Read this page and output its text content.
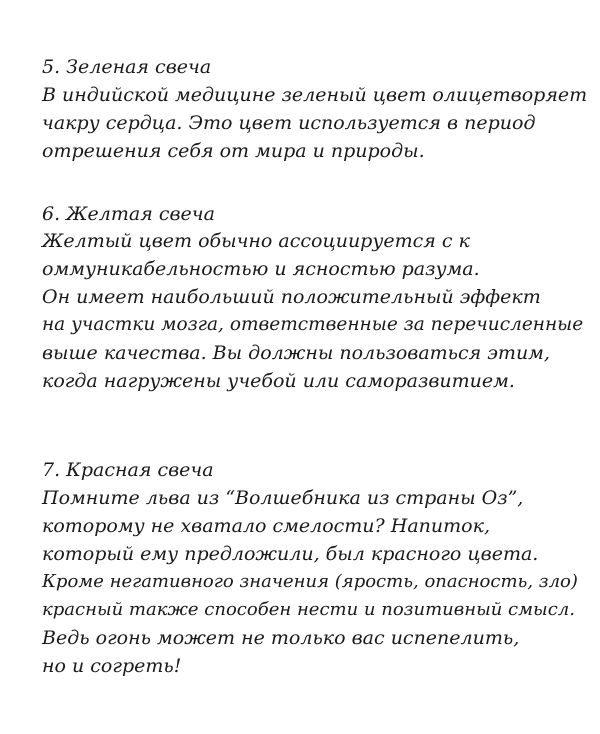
5. Зеленая свеча

В индийской медицине зеленый цвет олицетворяет

чакру сердца. Это цвет используется в период

отрешения себя от мира и природы.

6. Желтая свеча

Желтый цвет обычно ассоциируется с к

оммуникабельностью и ясностью разума.

Он имеет наибольший положительный эффект

на участки мозга, ответственные за перечисленные

выше качества. Вы должны пользоваться этим,

когда нагружены учебой или саморазвитием.

7. Красная свеча

Помните льва из “Волшебника из страны Оз”,

которому не хватало смелости? Напиток,

который ему предложили, был красного цвета.

Кроме негативного значения (ярость, опасность, зло)

красный также способен нести и позитивный смысл.

Ведь огонь может не только вас испепелить,

но и согреть!
